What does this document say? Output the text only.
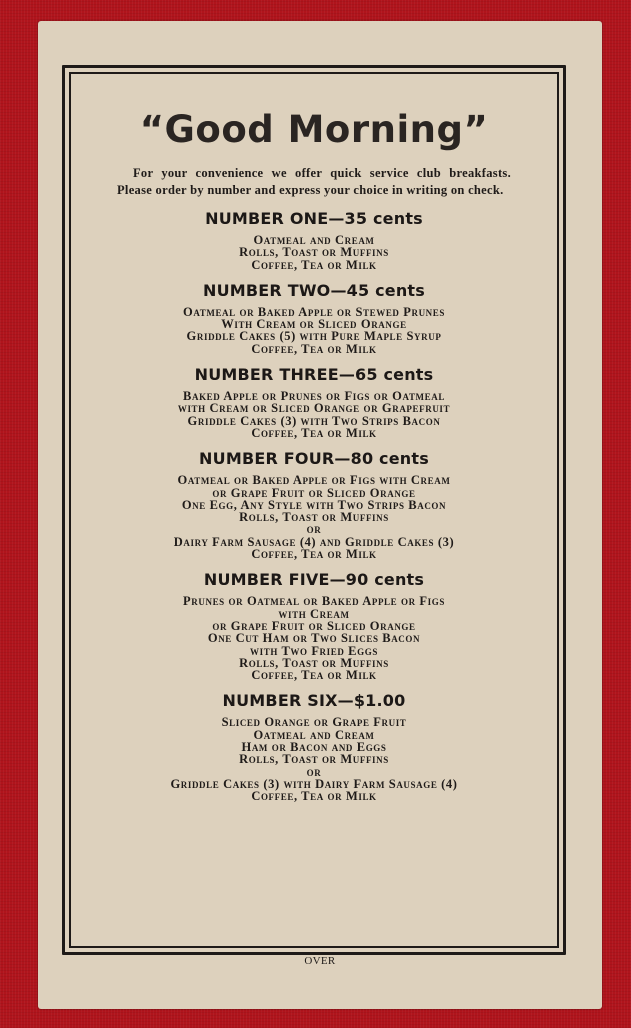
“Good Morning”
For your convenience we offer quick service club breakfasts. Please order by number and express your choice in writing on check.
NUMBER ONE—35 cents
Oatmeal and Cream
Rolls, Toast or Muffins
Coffee, Tea or Milk
NUMBER TWO—45 cents
Oatmeal or Baked Apple or Stewed Prunes
With Cream or Sliced Orange
Griddle Cakes (5) with Pure Maple Syrup
Coffee, Tea or Milk
NUMBER THREE—65 cents
Baked Apple or Prunes or Figs or Oatmeal
with Cream or Sliced Orange or Grapefruit
Griddle Cakes (3) with Two Strips Bacon
Coffee, Tea or Milk
NUMBER FOUR—80 cents
Oatmeal or Baked Apple or Figs with Cream
or Grape Fruit or Sliced Orange
One Egg, Any Style with Two Strips Bacon
Rolls, Toast or Muffins
or
Dairy Farm Sausage (4) and Griddle Cakes (3)
Coffee, Tea or Milk
NUMBER FIVE—90 cents
Prunes or Oatmeal or Baked Apple or Figs
with Cream
or Grape Fruit or Sliced Orange
One Cut Ham or Two Slices Bacon
with Two Fried Eggs
Rolls, Toast or Muffins
Coffee, Tea or Milk
NUMBER SIX—$1.00
Sliced Orange or Grape Fruit
Oatmeal and Cream
Ham or Bacon and Eggs
Rolls, Toast or Muffins
or
Griddle Cakes (3) with Dairy Farm Sausage (4)
Coffee, Tea or Milk
OVER
